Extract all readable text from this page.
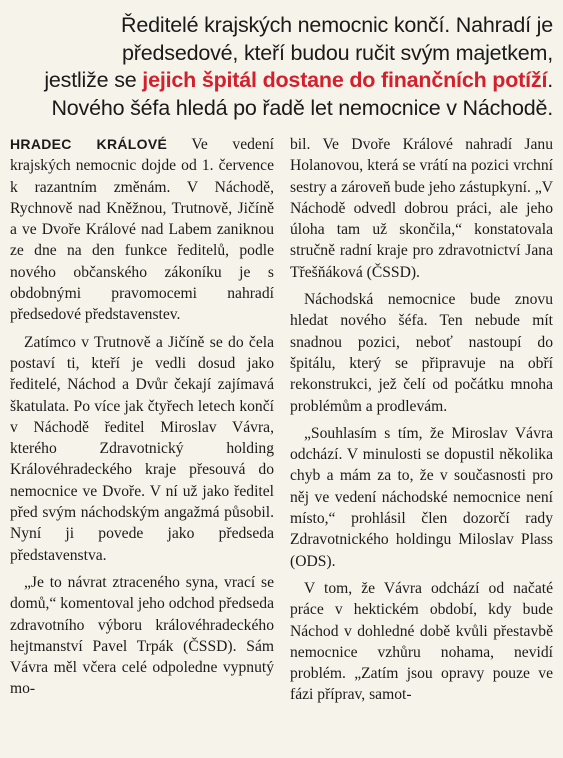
Ředitelé krajských nemocnic končí. Nahradí je
předsedové, kteří budou ručit svým majetkem,
jestliže se jejich špitál dostane do finančních potíží.
Nového šéfa hledá po řadě let nemocnice v Náchodě.

HRADEC KRÁLOVÉ Ve vedení krajských nemocnic dojde od 1. července k razantním změnám. V Náchodě, Rychnově nad Kněžnou, Trutnově, Jičíně a ve Dvoře Králové nad Labem zaniknou ze dne na den funkce ředitelů, podle nového občanského zákoníku je s obdobnými pravomocemi nahradí předsedové představenstev.

Zatímco v Trutnově a Jičíně se do čela postaví ti, kteří je vedli dosud jako ředitelé, Náchod a Dvůr čekají zajímavá škatulata. Po více jak čtyřech letech končí v Náchodě ředitel Miroslav Vávra, kterého Zdravotnický holding Královéhradeckého kraje přesouvá do nemocnice ve Dvoře. V ní už jako ředitel před svým náchodským angažmá působil. Nyní ji povede jako předseda představenstva.

„Je to návrat ztraceného syna, vrací se domů,“ komentoval jeho odchod předseda zdravotního výboru královéhradeckého hejtmanství Pavel Trpák (ČSSD). Sám Vávra měl včera celé odpoledne vypnutý mo-

bil. Ve Dvoře Králové nahradí Janu Holanovou, která se vrátí na pozici vrchní sestry a zároveň bude jeho zástupkyní. „V Náchodě odvedl dobrou práci, ale jeho úloha tam už skončila,“ konstatovala stručně radní kraje pro zdravotnictví Jana Třešňáková (ČSSD).

Náchodská nemocnice bude znovu hledat nového šéfa. Ten nebude mít snadnou pozici, neboť nastoupí do špitálu, který se připravuje na obří rekonstrukci, jež čelí od počátku mnoha problémům a prodlevám.

„Souhlasím s tím, že Miroslav Vávra odchází. V minulosti se dopustil několika chyb a mám za to, že v současnosti pro něj ve vedení náchodské nemocnice není místo,“ prohlásil člen dozorčí rady Zdravotnického holdingu Miloslav Plass (ODS).

V tom, že Vávra odchází od načaté práce v hektickém období, kdy bude Náchod v dohledné době kvůli přestavbě nemocnice vzhůru nohama, nevidí problém. „Zatím jsou opravy pouze ve fázi příprav, samot-
